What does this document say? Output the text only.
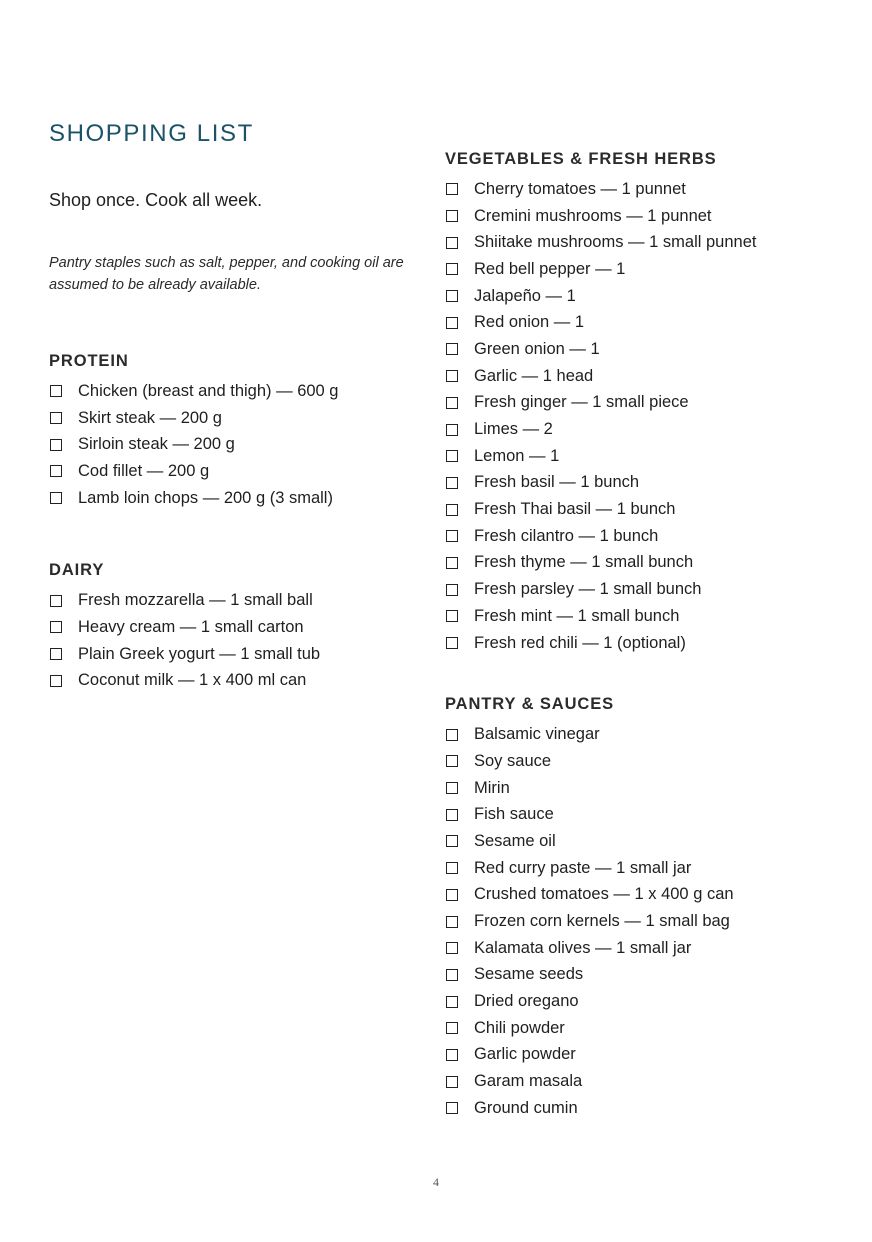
SHOPPING LIST

Shop once. Cook all week.

Pantry staples such as salt, pepper, and cooking oil are assumed to be already available.

PROTEIN
Chicken (breast and thigh) — 600 g
Skirt steak — 200 g
Sirloin steak — 200 g
Cod fillet — 200 g
Lamb loin chops — 200 g (3 small)
DAIRY
Fresh mozzarella — 1 small ball
Heavy cream — 1 small carton
Plain Greek yogurt — 1 small tub
Coconut milk — 1 x 400 ml can
VEGETABLES & FRESH HERBS
Cherry tomatoes — 1 punnet
Cremini mushrooms — 1 punnet
Shiitake mushrooms — 1 small punnet
Red bell pepper — 1
Jalapeño — 1
Red onion — 1
Green onion — 1
Garlic — 1 head
Fresh ginger — 1 small piece
Limes — 2
Lemon — 1
Fresh basil — 1 bunch
Fresh Thai basil — 1 bunch
Fresh cilantro — 1 bunch
Fresh thyme — 1 small bunch
Fresh parsley — 1 small bunch
Fresh mint — 1 small bunch
Fresh red chili — 1 (optional)
PANTRY & SAUCES
Balsamic vinegar
Soy sauce
Mirin
Fish sauce
Sesame oil
Red curry paste — 1 small jar
Crushed tomatoes — 1 x 400 g can
Frozen corn kernels — 1 small bag
Kalamata olives — 1 small jar
Sesame seeds
Dried oregano
Chili powder
Garlic powder
Garam masala
Ground cumin
4
